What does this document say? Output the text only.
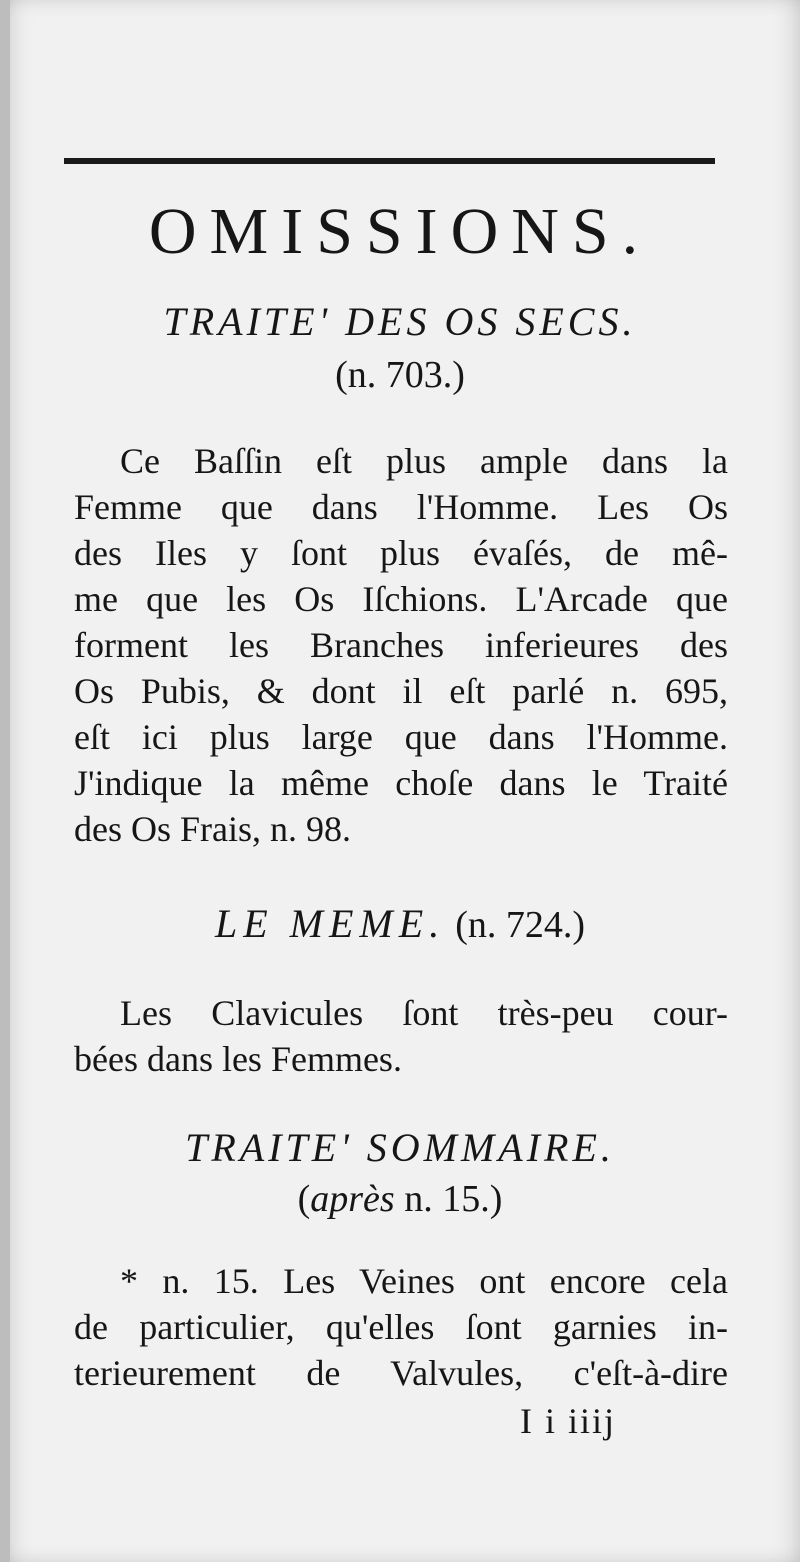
OMISSIONS.
TRAITE' DES OS SECS.
(n. 703.)
Ce Baſſin eſt plus ample dans la
Femme que dans l'Homme. Les Os
des Iles y ſont plus évaſés, de mê-
me que les Os Iſchions. L'Arcade que
forment les Branches inferieures des
Os Pubis, & dont il eſt parlé n. 695,
eſt ici plus large que dans l'Homme.
J'indique la même choſe dans le Traité
des Os Frais, n. 98.
LE MEME. (n. 724.)
Les Clavicules ſont très-peu cour-
bées dans les Femmes.
TRAITE' SOMMAIRE.
(après n. 15.)
* n. 15. Les Veines ont encore cela
de particulier, qu'elles ſont garnies in-
terieurement de Valvules, c'eſt-à-dire
I i iiij
